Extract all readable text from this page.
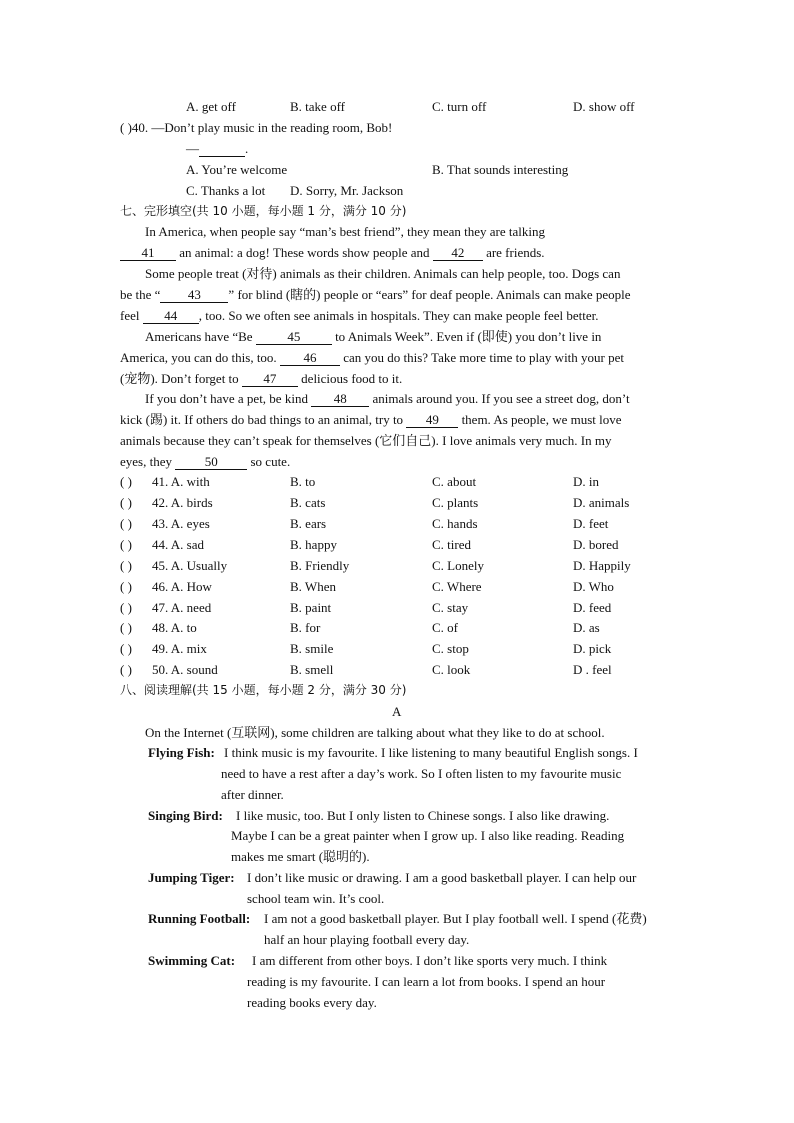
A. get off	B. take off	C. turn off	D. show off
( )40. —Don’t play music in the reading room, Bob!
—	.
A. You’re welcome	B. That sounds interesting
C. Thanks a lot D. Sorry, Mr. Jackson
七、完形填空(共 10 小题，每小题 1 分，满分 10 分)
In America, when people say “man’s best friend”, they mean they are talking
41 an animal: a dog! These words show people and 42 are friends.
Some people treat (对待) animals as their children. Animals can help people, too. Dogs can
be the “ 43 ” for blind (瞎的) people or “ears” for deaf people. Animals can make people
feel 44 , too. So we often see animals in hospitals. They can make people feel better.
Americans have “Be	45	to Animals Week”. Even if (即使) you don’t live in
America, you can do this, too. 46 can you do this? Take more time to play with your pet
(宠物). Don’t forget to 47 delicious food to it.
If you don’t have a pet, be kind 48 animals around you. If you see a street dog, don’t
kick (踢) it. If others do bad things to an animal, try to 49 them. As people, we must love
animals because they can’t speak for themselves (它们自己). I love animals very much. In my
eyes, they	50	so cute.
( ) 41. A. with	B. to	C. about	D. in
( ) 42. A. birds	B. cats	C. plants	D. animals
( ) 43. A. eyes	B. ears	C. hands	D. feet
( ) 44. A. sad	B. happy	C. tired	D. bored
( ) 45. A. Usually	B. Friendly	C. Lonely	D. Happily
( ) 46. A. How	B. When	C. Where	D. Who
( ) 47. A. need	B. paint	C. stay	D. feed
( ) 48. A. to	B. for	C. of	D. as
( ) 49. A. mix	B. smile	C. stop	D. pick
( ) 50. A. sound	B. smell	C. look	D . feel
八、阅读理解(共 15 小题，每小题 2 分，满分 30 分)
A
On the Internet (互联网), some children are talking about what they like to do at school.
Flying Fish: I think music is my favourite. I like listening to many beautiful English songs. I
need to have a rest after a day’s work. So I often listen to my favourite music
after dinner.
Singing Bird: I like music, too. But I only listen to Chinese songs. I also like drawing.
Maybe I can be a great painter when I grow up. I also like reading. Reading
makes me smart (聪明的).
Jumping Tiger: I don’t like music or drawing. I am a good basketball player. I can help our
school team win. It’s cool.
Running Football: I am not a good basketball player. But I play football well. I spend (花费)
half an hour playing football every day.
Swimming Cat: I am different from other boys. I don’t like sports very much. I think
reading is my favourite. I can learn a lot from books. I spend an hour
reading books every day.
